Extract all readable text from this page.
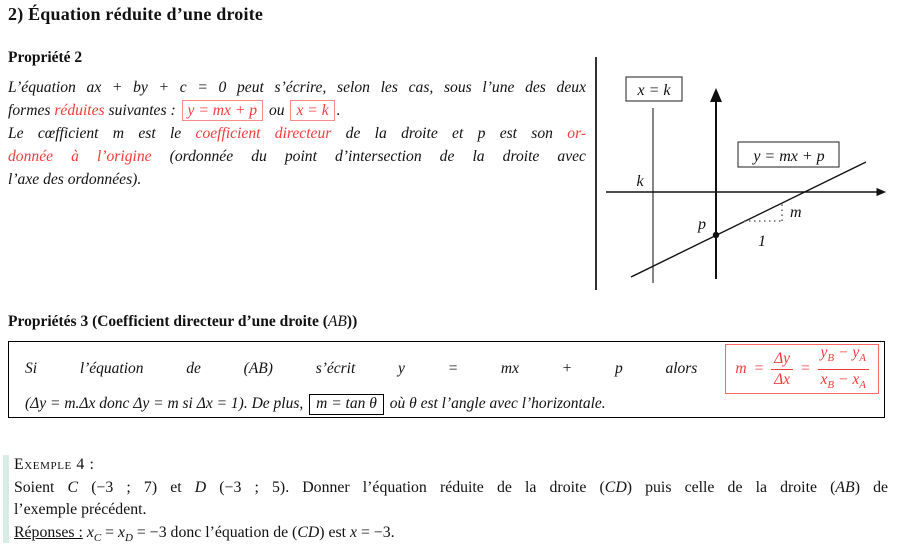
2) Équation réduite d’une droite
Propriété 2
L’équation ax + by + c = 0 peut s’écrire, selon les cas, sous l’une des deux
formes réduites suivantes : y = mx + p ou x = k .
Le cœfficient m est le coefficient directeur de la droite et p est son or-
donnée à l’origine (ordonnée du point d’intersection de la droite avec
l’axe des ordonnées).
x = k
y = mx + p
k
p
m
1
Propriétés 3 (Coefficient directeur d’une droite (AB))
Si	l’équation	de	(AB)	s’écrit	y	=	mx	+	p	alors $m = \frac{\Delta y}{\Delta x} = \frac{y_B - y_A}{x_B - x_A}$
(Δy = m.Δx donc Δy = m si Δx = 1). De plus, m = tan θ où θ est l’angle avec l’horizontale.
Exemple 4 :
Soient C (−3 ; 7) et D (−3 ; 5). Donner l’équation réduite de la droite (CD) puis celle de la droite (AB) de
l’exemple précédent.
Réponses : $x_C = x_D = -3$ donc l’équation de (CD) est x = −3.
